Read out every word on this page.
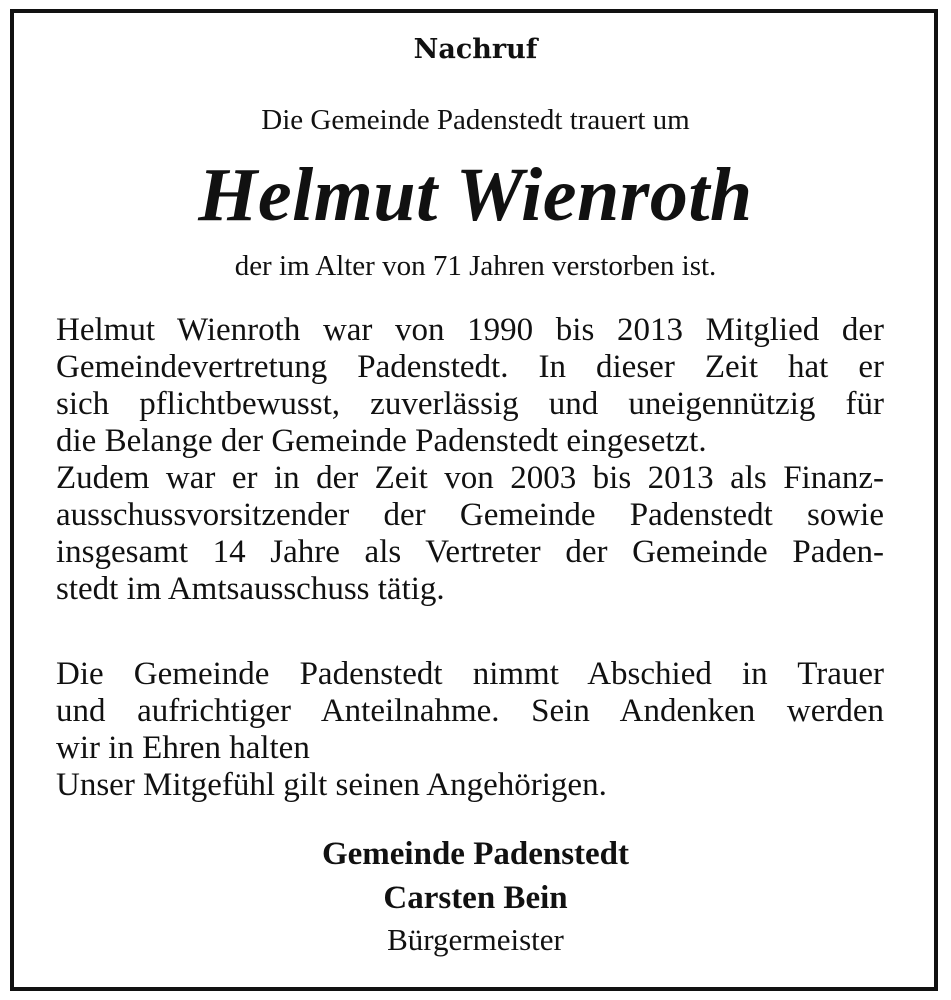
Nachruf
Die Gemeinde Padenstedt trauert um
Helmut Wienroth
der im Alter von 71 Jahren verstorben ist.
Helmut Wienroth war von 1990 bis 2013 Mitglied der
Gemeindevertretung Padenstedt. In dieser Zeit hat er
sich pflichtbewusst, zuverlässig und uneigennützig für
die Belange der Gemeinde Padenstedt eingesetzt.
Zudem war er in der Zeit von 2003 bis 2013 als Finanz-
ausschussvorsitzender der Gemeinde Padenstedt sowie
insgesamt 14 Jahre als Vertreter der Gemeinde Paden-
stedt im Amtsausschuss tätig.
Die Gemeinde Padenstedt nimmt Abschied in Trauer
und aufrichtiger Anteilnahme. Sein Andenken werden
wir in Ehren halten
Unser Mitgefühl gilt seinen Angehörigen.
Gemeinde Padenstedt
Carsten Bein
Bürgermeister
